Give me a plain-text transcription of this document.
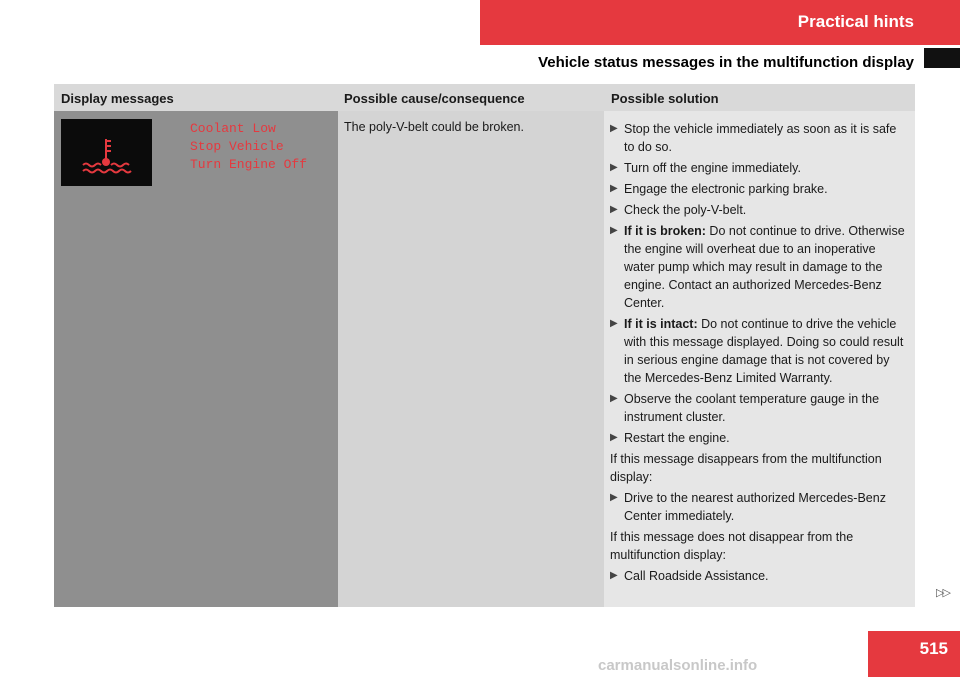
Practical hints
Vehicle status messages in the multifunction display
Display messages	Possible cause/consequence	Possible solution
Coolant Low
Stop Vehicle
Turn Engine Off
The poly-V-belt could be broken.	▶ Stop the vehicle immediately as soon as it is safe to do so.
▶ Turn off the engine immediately.
▶ Engage the electronic parking brake.
▶ Check the poly-V-belt.
▶ If it is broken: Do not continue to drive. Otherwise the engine will overheat due to an inoperative water pump which may result in damage to the engine. Contact an authorized Mercedes-Benz Center.
▶ If it is intact: Do not continue to drive the vehicle with this message displayed. Doing so could result in serious engine damage that is not covered by the Mercedes-Benz Limited Warranty.
▶ Observe the coolant temperature gauge in the instrument cluster.
▶ Restart the engine.
If this message disappears from the multifunction display:
▶ Drive to the nearest authorized Mercedes-Benz Center immediately.
If this message does not disappear from the multifunction display:
▶ Call Roadside Assistance.
▷▷
515
carmanualsonline.info
